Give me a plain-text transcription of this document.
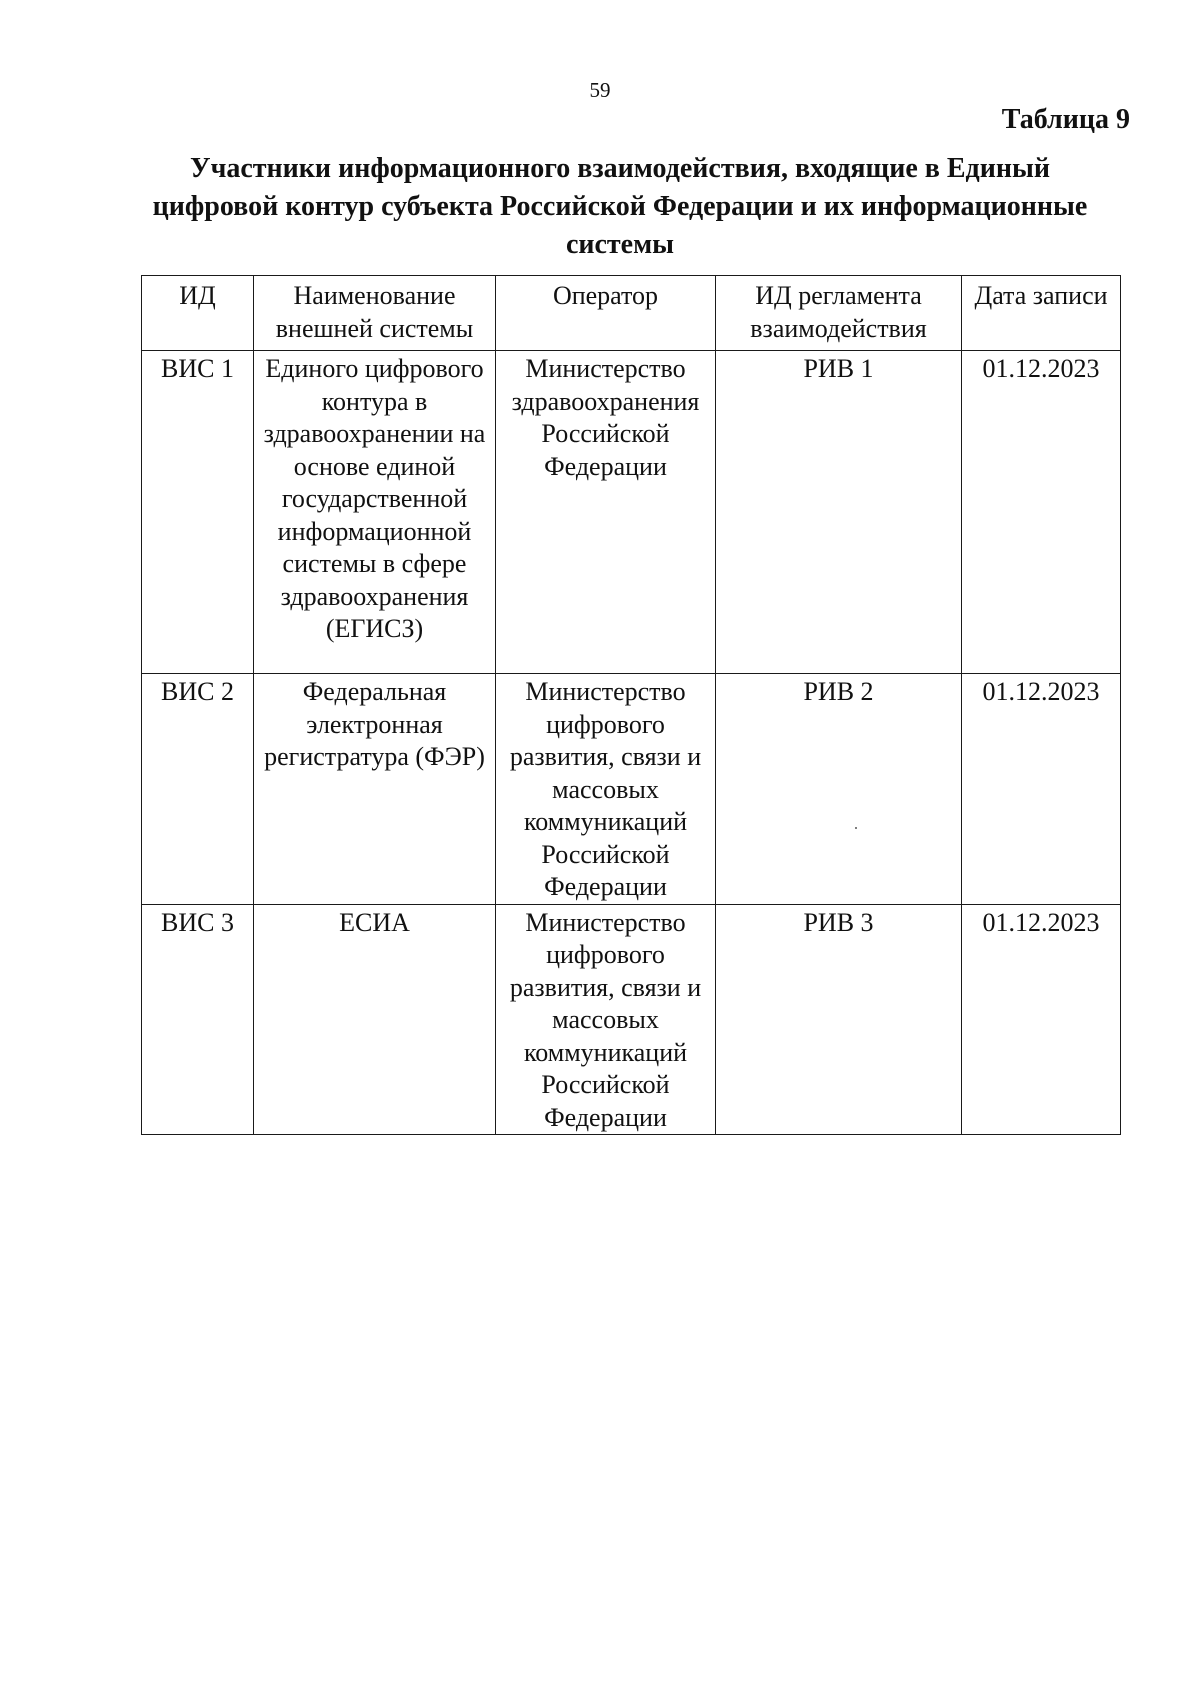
59
Таблица 9
Участники информационного взаимодействия, входящие в Единый цифровой контур субъекта Российской Федерации и их информационные системы
ИД	Наименование внешней системы	Оператор	ИД регламента взаимодействия	Дата записи
ВИС 1	Единого цифрового контура в здравоохранении на основе единой государственной информационной системы в сфере здравоохранения (ЕГИСЗ)	Министерство здравоохранения Российской Федерации	РИВ 1	01.12.2023
ВИС 2	Федеральная электронная регистратура (ФЭР)	Министерство цифрового развития, связи и массовых коммуникаций Российской Федерации	РИВ 2	01.12.2023
ВИС 3	ЕСИА	Министерство цифрового развития, связи и массовых коммуникаций Российской Федерации	РИВ 3	01.12.2023
